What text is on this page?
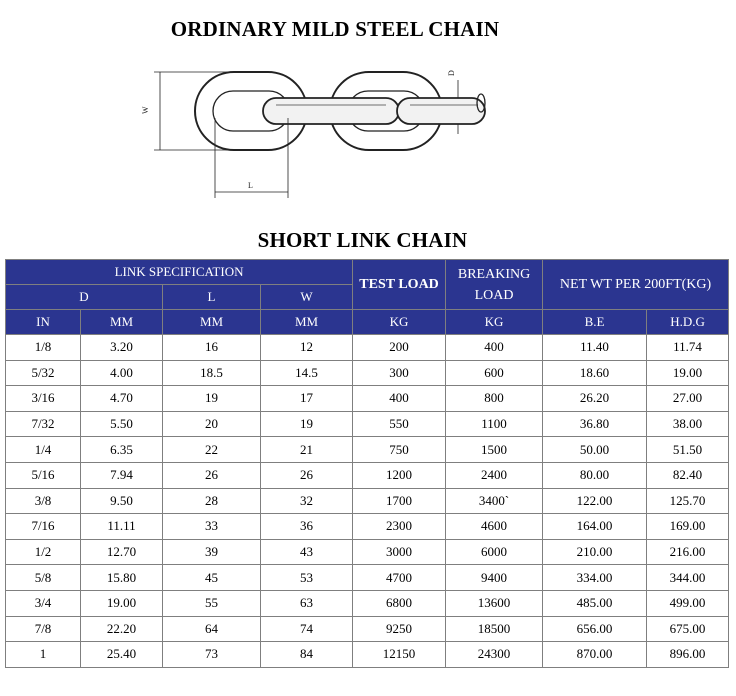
ORDINARY MILD STEEL CHAIN
W
L
D
SHORT LINK CHAIN
LINK SPECIFICATION				TEST LOAD	BREAKING
LOAD	NET WT PER 200FT(KG)	
D		L	W				
IN	MM	MM	MM	KG	KG	B.E	H.D.G
1/8	3.20	16	12	200	400	11.40	11.74
5/32	4.00	18.5	14.5	300	600	18.60	19.00
3/16	4.70	19	17	400	800	26.20	27.00
7/32	5.50	20	19	550	1100	36.80	38.00
1/4	6.35	22	21	750	1500	50.00	51.50
5/16	7.94	26	26	1200	2400	80.00	82.40
3/8	9.50	28	32	1700	3400`	122.00	125.70
7/16	11.11	33	36	2300	4600	164.00	169.00
1/2	12.70	39	43	3000	6000	210.00	216.00
5/8	15.80	45	53	4700	9400	334.00	344.00
3/4	19.00	55	63	6800	13600	485.00	499.00
7/8	22.20	64	74	9250	18500	656.00	675.00
1	25.40	73	84	12150	24300	870.00	896.00
